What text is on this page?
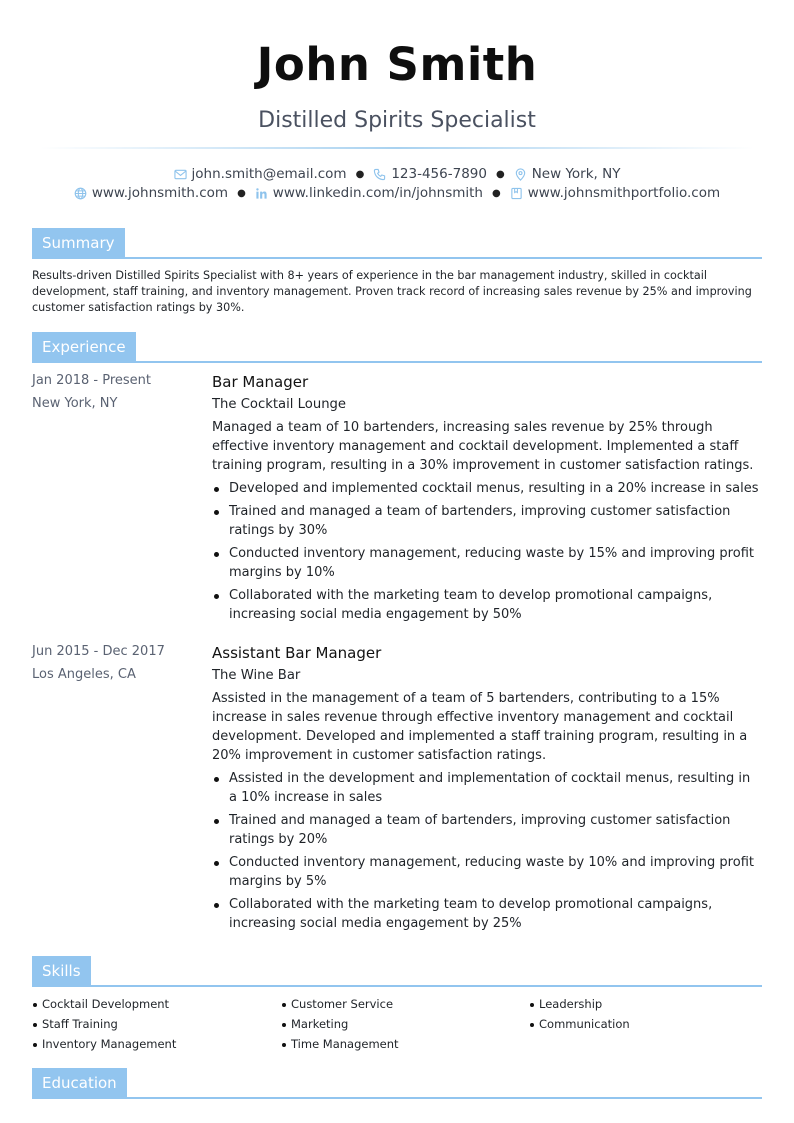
John Smith
Distilled Spirits Specialist
john.smith@email.com ● 123-456-7890 ● New York, NY
www.johnsmith.com ● www.linkedin.com/in/johnsmith ● www.johnsmithportfolio.com
Summary
Results-driven Distilled Spirits Specialist with 8+ years of experience in the bar management industry, skilled in cocktail development, staff training, and inventory management. Proven track record of increasing sales revenue by 25% and improving customer satisfaction ratings by 30%.
Experience
Jan 2018 - Present
New York, NY
Bar Manager
The Cocktail Lounge
Managed a team of 10 bartenders, increasing sales revenue by 25% through effective inventory management and cocktail development. Implemented a staff training program, resulting in a 30% improvement in customer satisfaction ratings.
Developed and implemented cocktail menus, resulting in a 20% increase in sales
Trained and managed a team of bartenders, improving customer satisfaction ratings by 30%
Conducted inventory management, reducing waste by 15% and improving profit margins by 10%
Collaborated with the marketing team to develop promotional campaigns, increasing social media engagement by 50%
Jun 2015 - Dec 2017
Los Angeles, CA
Assistant Bar Manager
The Wine Bar
Assisted in the management of a team of 5 bartenders, contributing to a 15% increase in sales revenue through effective inventory management and cocktail development. Developed and implemented a staff training program, resulting in a 20% improvement in customer satisfaction ratings.
Assisted in the development and implementation of cocktail menus, resulting in a 10% increase in sales
Trained and managed a team of bartenders, improving customer satisfaction ratings by 20%
Conducted inventory management, reducing waste by 10% and improving profit margins by 5%
Collaborated with the marketing team to develop promotional campaigns, increasing social media engagement by 25%
Skills
Cocktail Development	Customer Service	Leadership
Staff Training	Marketing	Communication
Inventory Management	Time Management
Education
